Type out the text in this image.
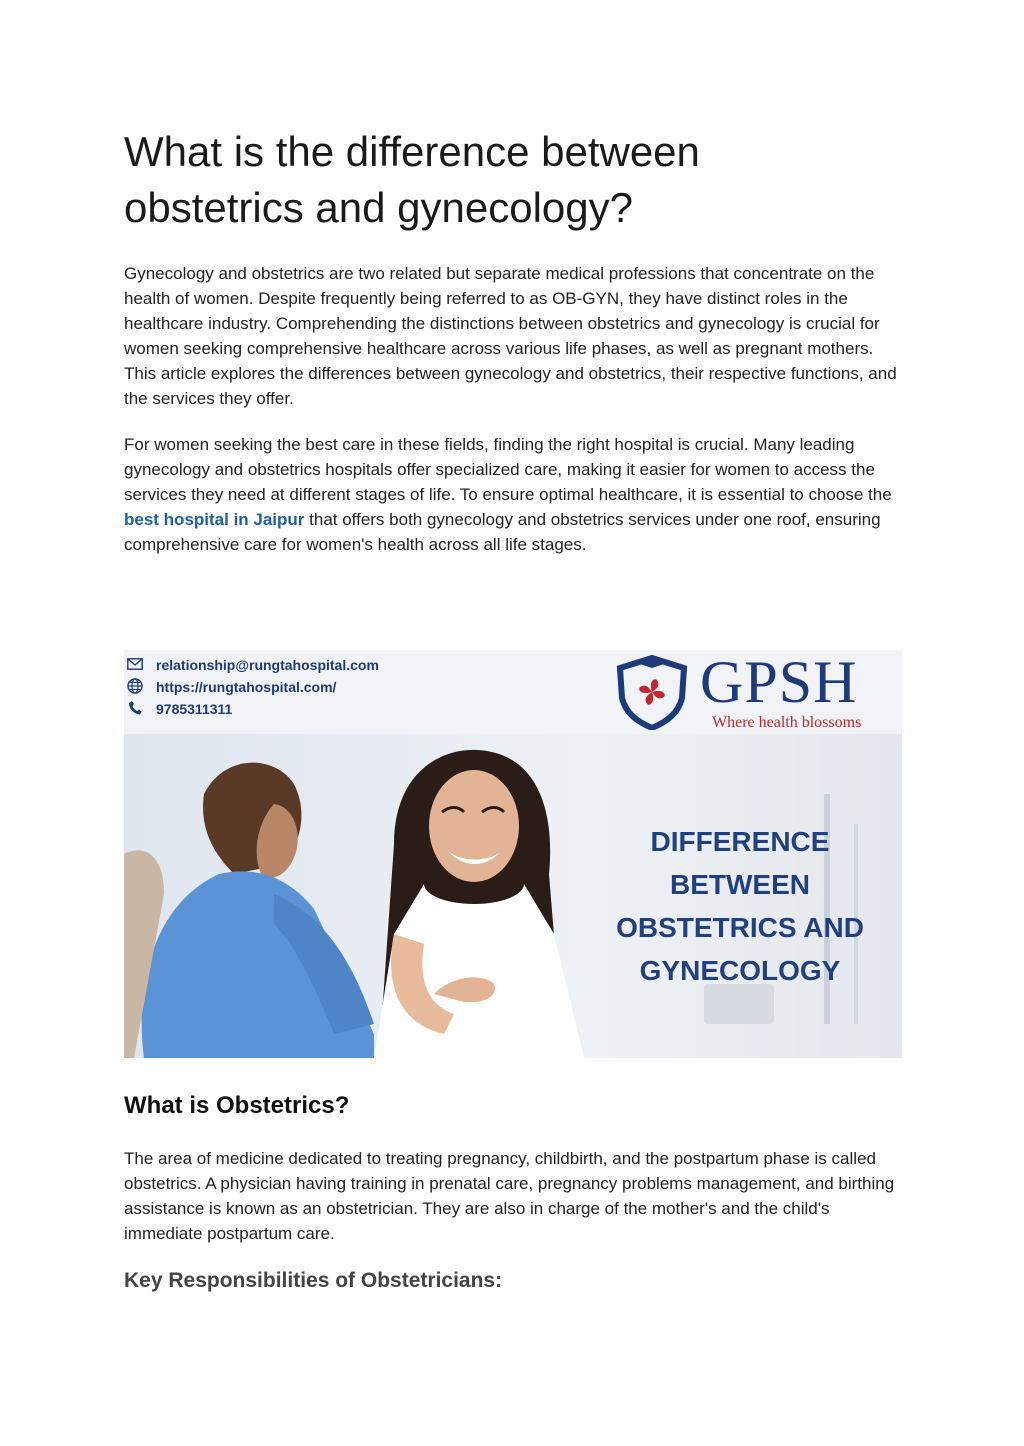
What is the difference between obstetrics and gynecology?

Gynecology and obstetrics are two related but separate medical professions that concentrate on the health of women. Despite frequently being referred to as OB-GYN, they have distinct roles in the healthcare industry. Comprehending the distinctions between obstetrics and gynecology is crucial for women seeking comprehensive healthcare across various life phases, as well as pregnant mothers. This article explores the differences between gynecology and obstetrics, their respective functions, and the services they offer.

For women seeking the best care in these fields, finding the right hospital is crucial. Many leading gynecology and obstetrics hospitals offer specialized care, making it easier for women to access the services they need at different stages of life. To ensure optimal healthcare, it is essential to choose the best hospital in Jaipur that offers both gynecology and obstetrics services under one roof, ensuring comprehensive care for women's health across all life stages.

What is Obstetrics?

The area of medicine dedicated to treating pregnancy, childbirth, and the postpartum phase is called obstetrics. A physician having training in prenatal care, pregnancy problems management, and birthing assistance is known as an obstetrician. They are also in charge of the mother's and the child's immediate postpartum care.

Key Responsibilities of Obstetricians:
relationship@rungtahospital.com
https://rungtahospital.com/
9785311311	GPSH
Where health blossoms
DIFFERENCE
BETWEEN
OBSTETRICS AND
GYNECOLOGY
